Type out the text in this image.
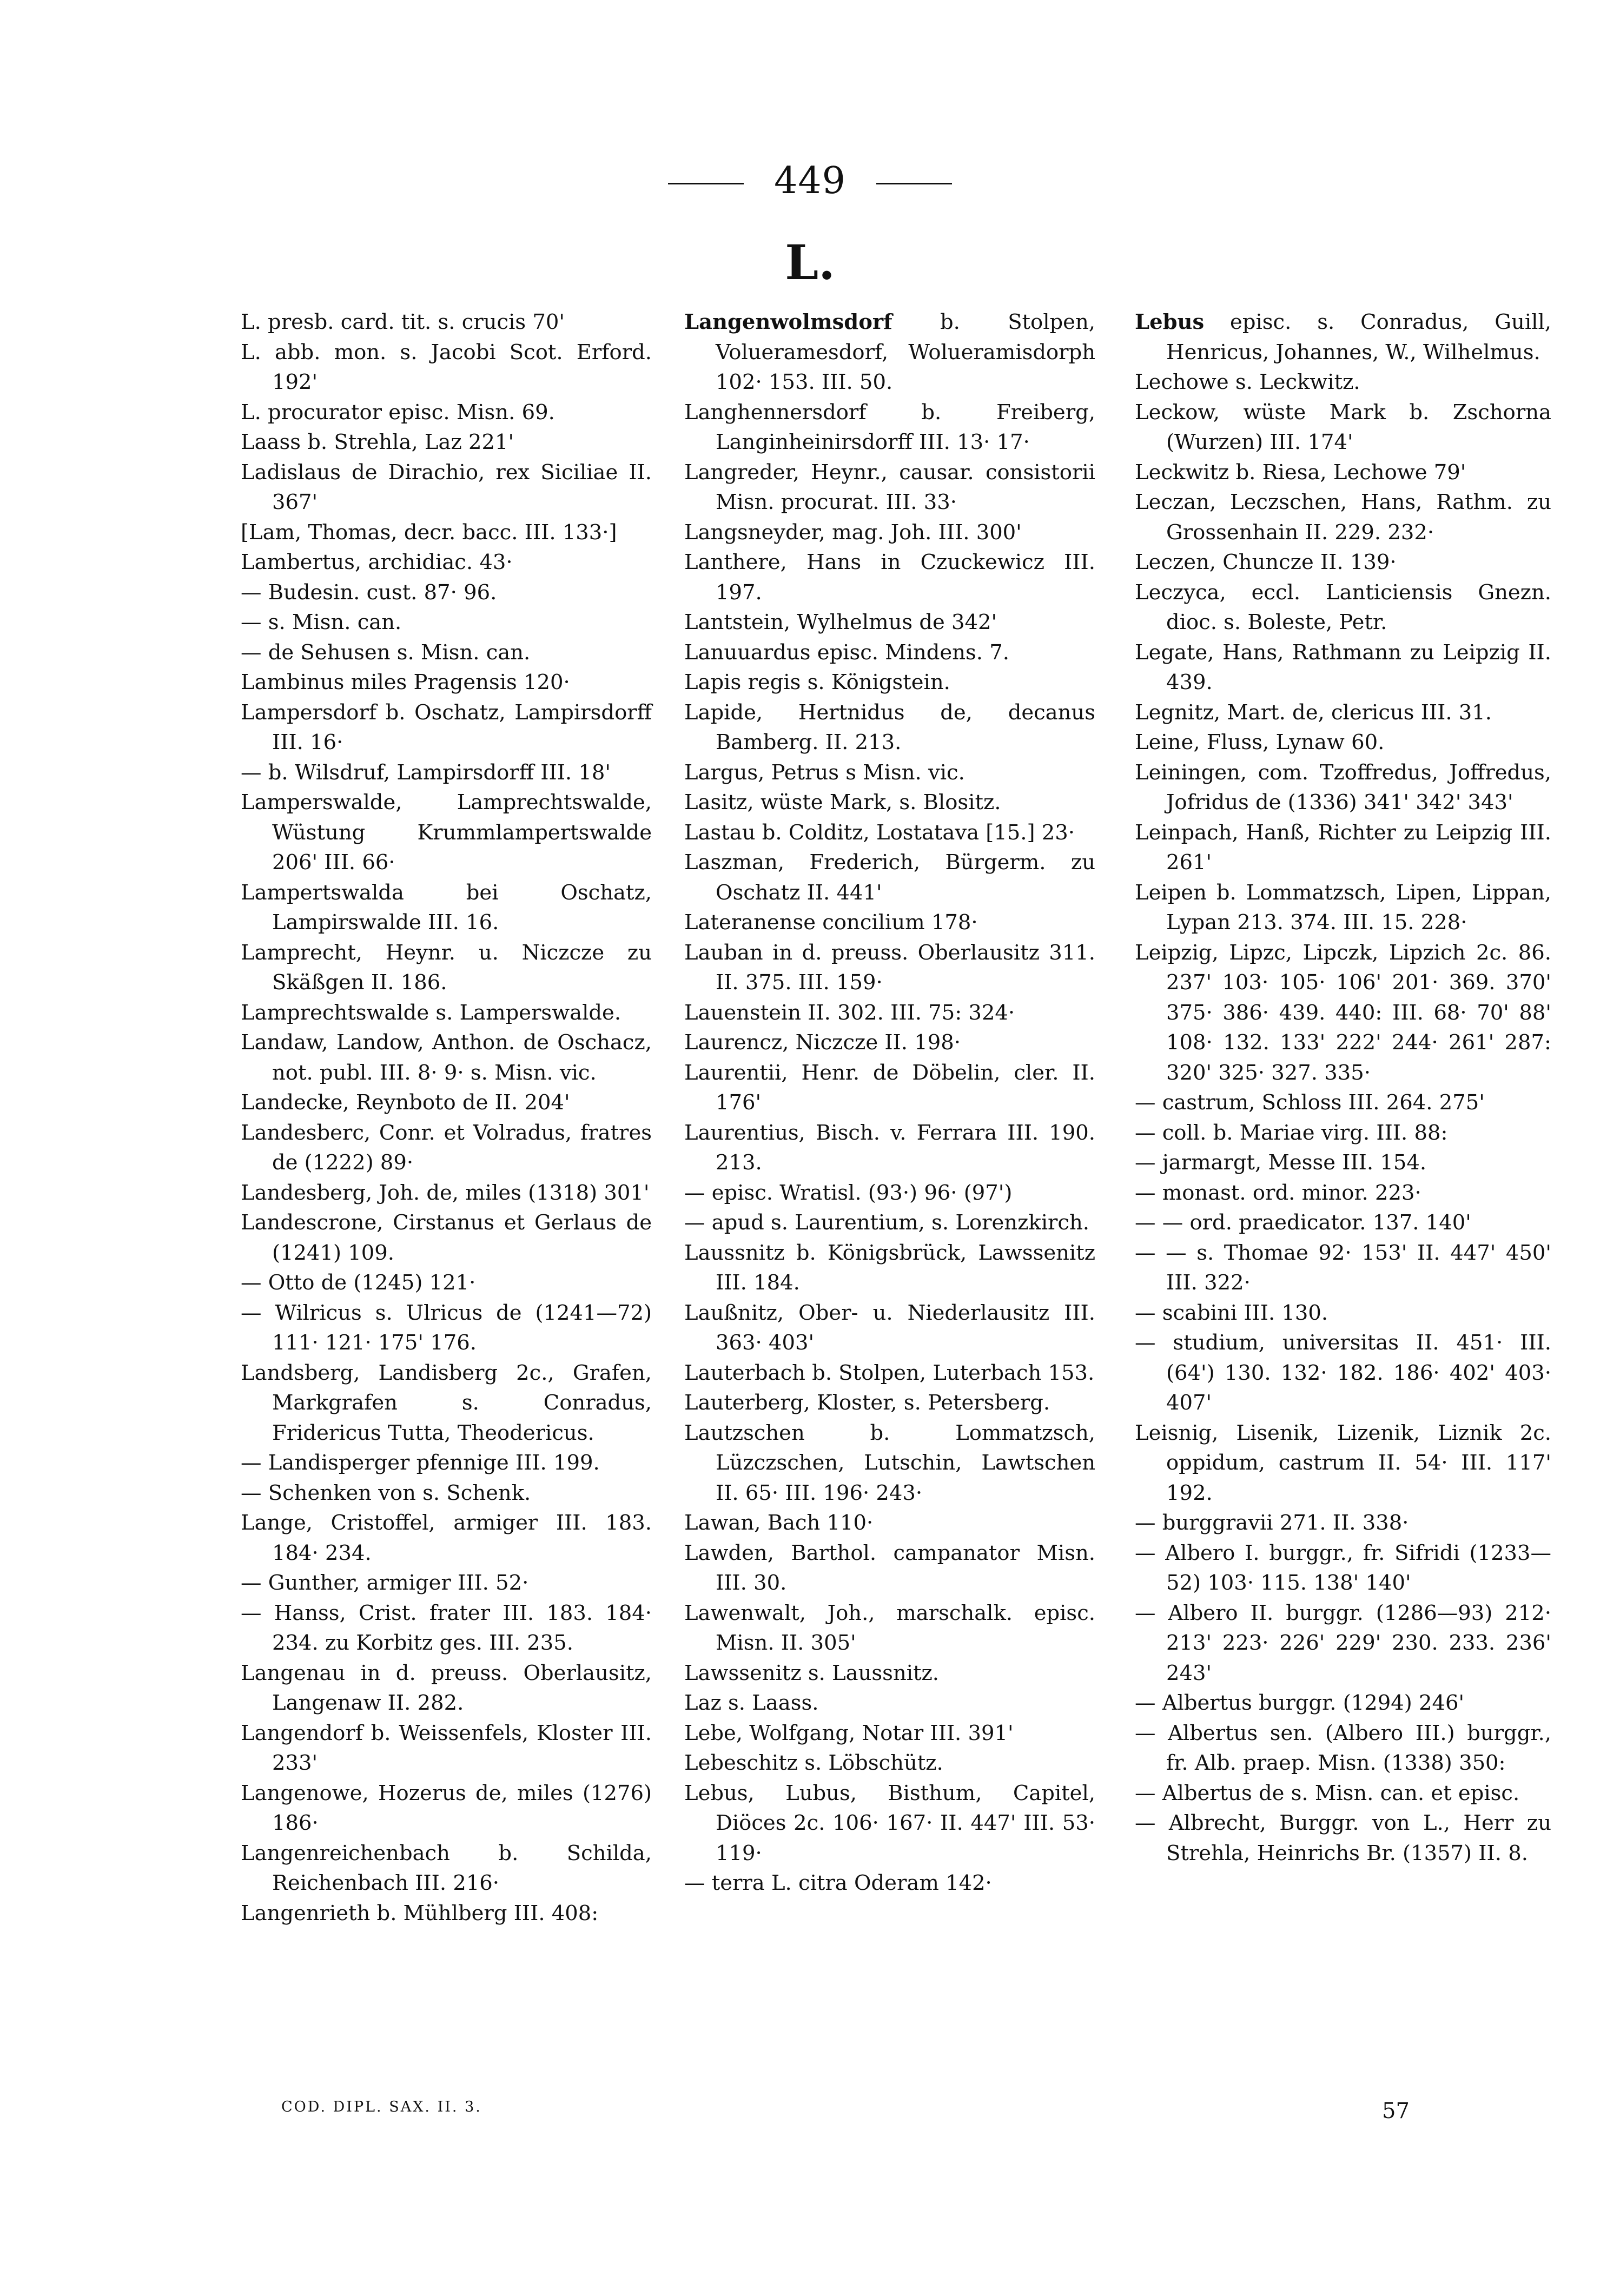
449
L.

L. presb. card. tit. s. crucis 70'

L. abb. mon. s. Jacobi Scot. Erford. 192'

L. procurator episc. Misn. 69.

Laass b. Strehla, Laz 221'

Ladislaus de Dirachio, rex Siciliae II. 367'

[Lam, Thomas, decr. bacc. III. 133·]

Lambertus, archidiac. 43·

— Budesin. cust. 87· 96.

— s. Misn. can.

— de Sehusen s. Misn. can.

Lambinus miles Pragensis 120·

Lampersdorf b. Oschatz, Lampirsdorff III. 16·

— b. Wilsdruf, Lampirsdorff III. 18'

Lamperswalde, Lamprechtswalde, Wüstung Krummlampertswalde 206' III. 66·

Lampertswalda bei Oschatz, Lampirswalde III. 16.

Lamprecht, Heynr. u. Niczcze zu Skäßgen II. 186.

Lamprechtswalde s. Lamperswalde.

Landaw, Landow, Anthon. de Oschacz, not. publ. III. 8· 9· s. Misn. vic.

Landecke, Reynboto de II. 204'

Landesberc, Conr. et Volradus, fratres de (1222) 89·

Landesberg, Joh. de, miles (1318) 301'

Landescrone, Cirstanus et Gerlaus de (1241) 109.

— Otto de (1245) 121·

— Wilricus s. Ulricus de (1241—72) 111· 121· 175' 176.

Landsberg, Landisberg 2c., Grafen, Markgrafen s. Conradus, Fridericus Tutta, Theodericus.

— Landisperger pfennige III. 199.

— Schenken von s. Schenk.

Lange, Cristoffel, armiger III. 183. 184· 234.

— Gunther, armiger III. 52·

— Hanss, Crist. frater III. 183. 184· 234. zu Korbitz ges. III. 235.

Langenau in d. preuss. Oberlausitz, Langenaw II. 282.

Langendorf b. Weissenfels, Kloster III. 233'

Langenowe, Hozerus de, miles (1276) 186·

Langenreichenbach b. Schilda, Reichenbach III. 216·

Langenrieth b. Mühlberg III. 408:

Langenwolmsdorf b. Stolpen, Volueramesdorf, Wolueramisdorph 102· 153. III. 50.

Langhennersdorf b. Freiberg, Langinheinirsdorff III. 13· 17·

Langreder, Heynr., causar. consistorii Misn. procurat. III. 33·

Langsneyder, mag. Joh. III. 300'

Lanthere, Hans in Czuckewicz III. 197.

Lantstein, Wylhelmus de 342'

Lanuuardus episc. Mindens. 7.

Lapis regis s. Königstein.

Lapide, Hertnidus de, decanus Bamberg. II. 213.

Largus, Petrus s Misn. vic.

Lasitz, wüste Mark, s. Blositz.

Lastau b. Colditz, Lostatava [15.] 23·

Laszman, Frederich, Bürgerm. zu Oschatz II. 441'

Lateranense concilium 178·

Lauban in d. preuss. Oberlausitz 311. II. 375. III. 159·

Lauenstein II. 302. III. 75: 324·

Laurencz, Niczcze II. 198·

Laurentii, Henr. de Döbelin, cler. II. 176'

Laurentius, Bisch. v. Ferrara III. 190. 213.

— episc. Wratisl. (93·) 96· (97')

— apud s. Laurentium, s. Lorenzkirch.

Laussnitz b. Königsbrück, Lawssenitz III. 184.

Laußnitz, Ober- u. Niederlausitz III. 363· 403'

Lauterbach b. Stolpen, Luterbach 153.

Lauterberg, Kloster, s. Petersberg.

Lautzschen b. Lommatzsch, Lüzczschen, Lutschin, Lawtschen II. 65· III. 196· 243·

Lawan, Bach 110·

Lawden, Barthol. campanator Misn. III. 30.

Lawenwalt, Joh., marschalk. episc. Misn. II. 305'

Lawssenitz s. Laussnitz.

Laz s. Laass.

Lebe, Wolfgang, Notar III. 391'

Lebeschitz s. Löbschütz.

Lebus, Lubus, Bisthum, Capitel, Diöces 2c. 106· 167· II. 447' III. 53· 119·

— terra L. citra Oderam 142·

Lebus episc. s. Conradus, Guill, Henricus, Johannes, W., Wilhelmus.

Lechowe s. Leckwitz.

Leckow, wüste Mark b. Zschorna (Wurzen) III. 174'

Leckwitz b. Riesa, Lechowe 79'

Leczan, Leczschen, Hans, Rathm. zu Grossenhain II. 229. 232·

Leczen, Chuncze II. 139·

Leczyca, eccl. Lanticiensis Gnezn. dioc. s. Boleste, Petr.

Legate, Hans, Rathmann zu Leipzig II. 439.

Legnitz, Mart. de, clericus III. 31.

Leine, Fluss, Lynaw 60.

Leiningen, com. Tzoffredus, Joffredus, Jofridus de (1336) 341' 342' 343'

Leinpach, Hanß, Richter zu Leipzig III. 261'

Leipen b. Lommatzsch, Lipen, Lippan, Lypan 213. 374. III. 15. 228·

Leipzig, Lipzc, Lipczk, Lipzich 2c. 86. 237' 103· 105· 106' 201· 369. 370' 375· 386· 439. 440: III. 68· 70' 88' 108· 132. 133' 222' 244· 261' 287: 320' 325· 327. 335·

— castrum, Schloss III. 264. 275'

— coll. b. Mariae virg. III. 88:

— jarmargt, Messe III. 154.

— monast. ord. minor. 223·

— — ord. praedicator. 137. 140'

— — s. Thomae 92· 153' II. 447' 450' III. 322·

— scabini III. 130.

— studium, universitas II. 451· III. (64') 130. 132· 182. 186· 402' 403· 407'

Leisnig, Lisenik, Lizenik, Liznik 2c. oppidum, castrum II. 54· III. 117' 192.

— burggravii 271. II. 338·

— Albero I. burggr., fr. Sifridi (1233—52) 103· 115. 138' 140'

— Albero II. burggr. (1286—93) 212· 213' 223· 226' 229' 230. 233. 236' 243'

— Albertus burggr. (1294) 246'

— Albertus sen. (Albero III.) burggr., fr. Alb. praep. Misn. (1338) 350:

— Albertus de s. Misn. can. et episc.

— Albrecht, Burggr. von L., Herr zu Strehla, Heinrichs Br. (1357) II. 8.

COD. DIPL. SAX. II. 3.	57
